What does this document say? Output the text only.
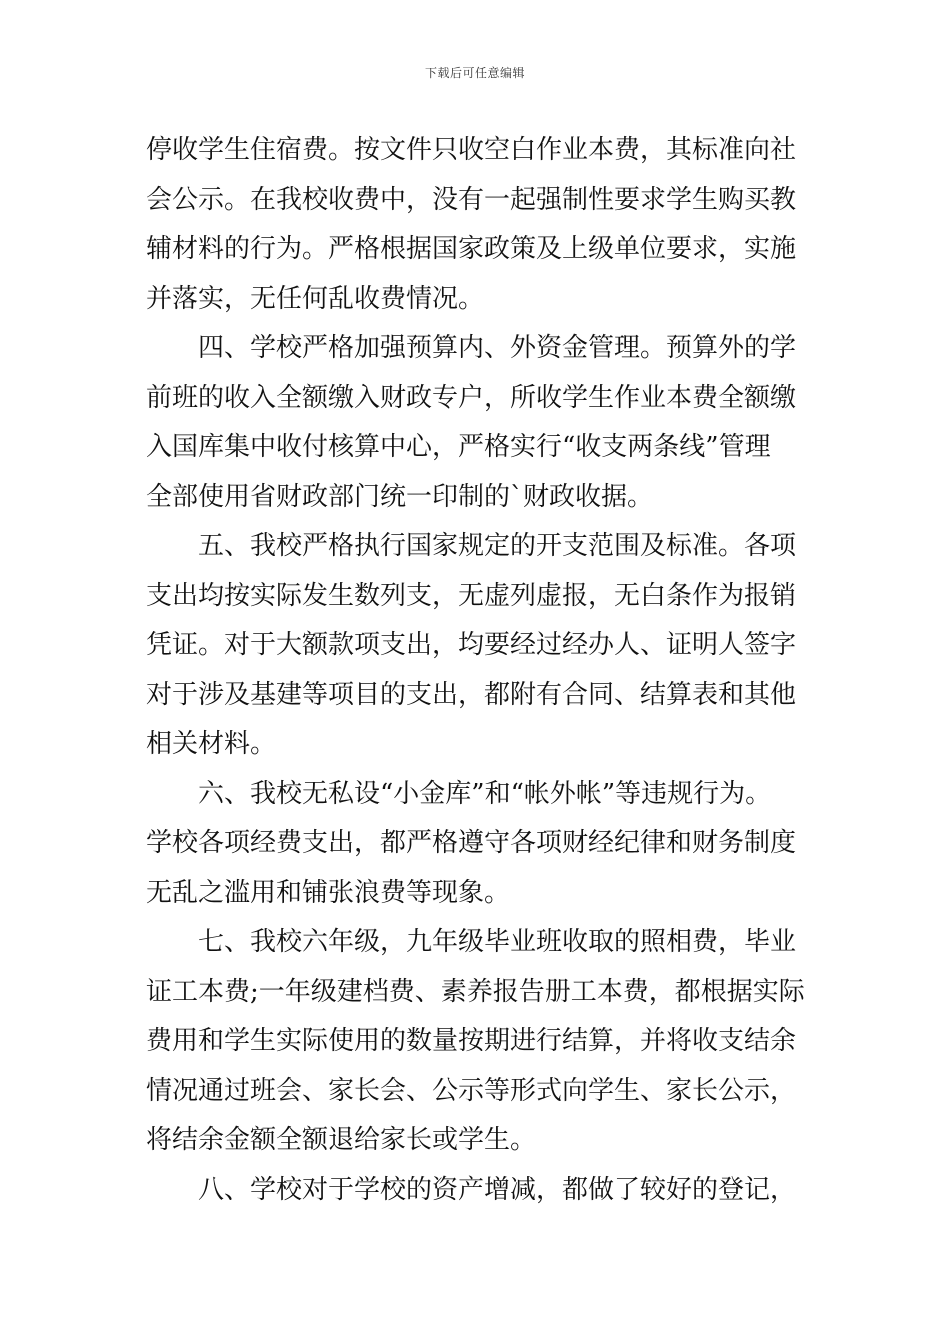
下载后可任意编辑
停收学生住宿费。按文件只收空白作业本费，其标准向社
会公示。在我校收费中，没有一起强制性要求学生购买教
辅材料的行为。严格根据国家政策及上级单位要求，实施
并落实，无任何乱收费情况。
四、学校严格加强预算内、外资金管理。预算外的学
前班的收入全额缴入财政专户，所收学生作业本费全额缴
入国库集中收付核算中心，严格实行“收支两条线”管理
全部使用省财政部门统一印制的`财政收据。
五、我校严格执行国家规定的开支范围及标准。各项
支出均按实际发生数列支，无虚列虚报，无白条作为报销
凭证。对于大额款项支出，均要经过经办人、证明人签字
对于涉及基建等项目的支出，都附有合同、结算表和其他
相关材料。
六、我校无私设“小金库”和“帐外帐”等违规行为。
学校各项经费支出，都严格遵守各项财经纪律和财务制度
无乱之滥用和铺张浪费等现象。
七、我校六年级，九年级毕业班收取的照相费，毕业
证工本费;一年级建档费、素养报告册工本费，都根据实际
费用和学生实际使用的数量按期进行结算，并将收支结余
情况通过班会、家长会、公示等形式向学生、家长公示，
将结余金额全额退给家长或学生。
八、学校对于学校的资产增减，都做了较好的登记，
